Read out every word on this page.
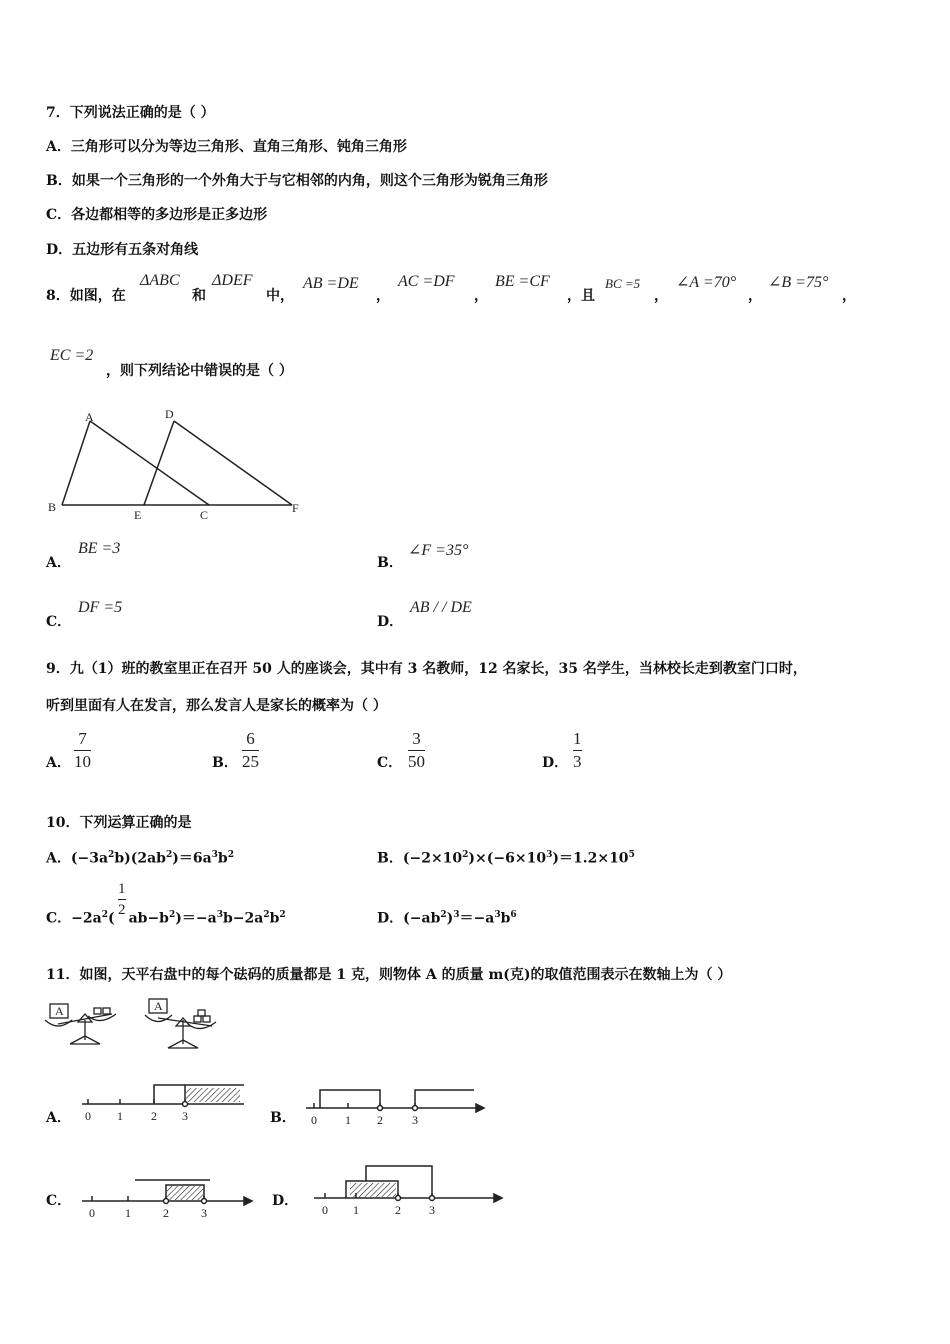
7．下列说法正确的是（ ）
A．三角形可以分为等边三角形、直角三角形、钝角三角形
B．如果一个三角形的一个外角大于与它相邻的内角，则这个三角形为锐角三角形
C．各边都相等的多边形是正多边形
D．五边形有五条对角线
8．如图，在
ΔABC
和
ΔDEF
中，
AB =DE
，
AC =DF
，
BE =CF
，且
BC =5
，
∠A =70°
，
∠B =75°
，
EC =2
，则下列结论中错误的是（ ）
A
B
C
D
E	F
A．
BE =3
B．
∠F =35°
C．
DF =5
D．
AB / / DE
9．九（1）班的教室里正在召开 50 人的座谈会，其中有 3 名教师，12 名家长，35 名学生，当林校长走到教室门口时，
听到里面有人在发言，那么发言人是家长的概率为（ ）
A．
7
10	B．
6
25	C．
3
50	D．
1
3
10．下列运算正确的是
A．$(-3a^2b)(2ab^2)=6a^3b^2$	B．$(-2\times 10^2)\times(-6\times 10^3)=1.2\times 10^5$
C．$-2a^2$( $ab-b^2)=-a^3b-2a^2b^2$
1
2
D．$(-ab^2)^3=-a^3b^6$
11．如图，天平右盘中的每个砝码的质量都是 1 克，则物体 A 的质量 m(克)的取值范围表示在数轴上为（ ）
A	A
A．	B．
C．	D．
0 1 2 3	0 1 2 3
0	1	2	3	0 1	2 3
